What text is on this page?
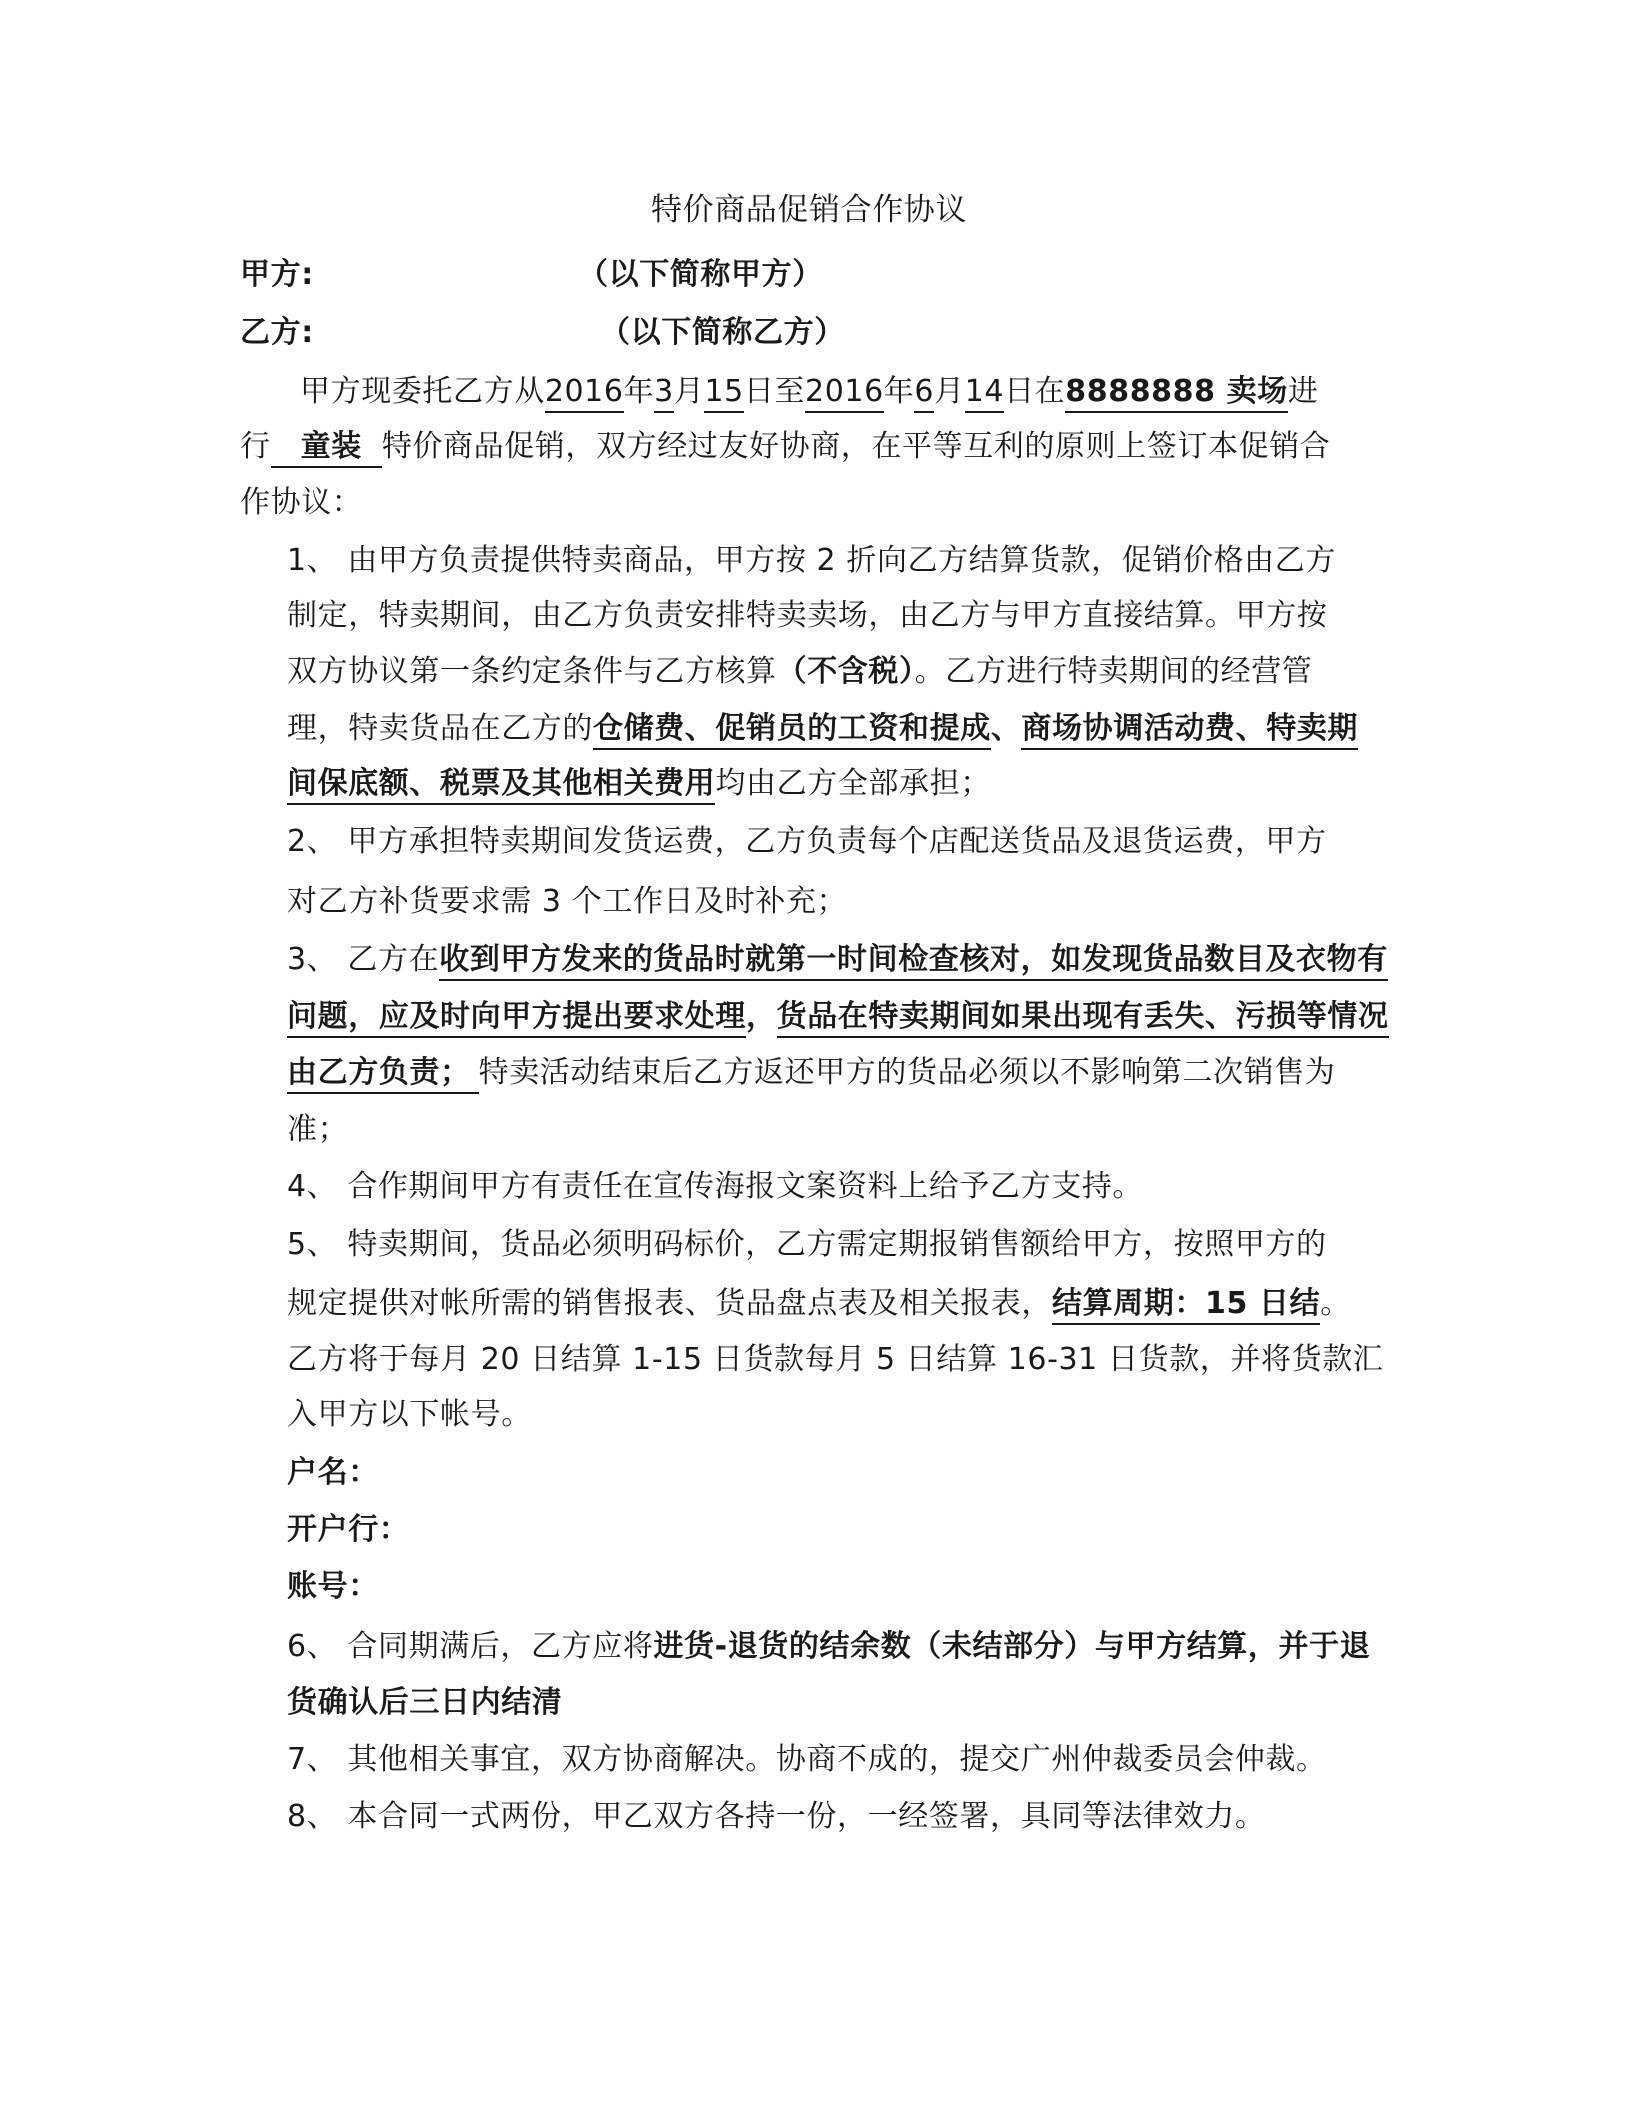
特价商品促销合作协议
甲方:	（以下简称甲方）
乙方:	（以下简称乙方）
甲方现委托乙方从2016年3月15日至2016年6月14日在8888888 卖场进
行 童装 特价商品促销，双方经过友好协商，在平等互利的原则上签订本促销合
作协议：
1、 由甲方负责提供特卖商品，甲方按 2 折向乙方结算货款，促销价格由乙方
制定，特卖期间，由乙方负责安排特卖卖场，由乙方与甲方直接结算。甲方按
双方协议第一条约定条件与乙方核算（不含税）。乙方进行特卖期间的经营管
理，特卖货品在乙方的仓储费、促销员的工资和提成、商场协调活动费、特卖期
间保底额、税票及其他相关费用均由乙方全部承担；
2、 甲方承担特卖期间发货运费，乙方负责每个店配送货品及退货运费，甲方
对乙方补货要求需 3 个工作日及时补充；
3、 乙方在收到甲方发来的货品时就第一时间检查核对，如发现货品数目及衣物有
问题，应及时向甲方提出要求处理，货品在特卖期间如果出现有丢失、污损等情况
由乙方负责； 特卖活动结束后乙方返还甲方的货品必须以不影响第二次销售为
准；
4、 合作期间甲方有责任在宣传海报文案资料上给予乙方支持。
5、 特卖期间，货品必须明码标价，乙方需定期报销售额给甲方，按照甲方的
规定提供对帐所需的销售报表、货品盘点表及相关报表，结算周期：15 日结。
乙方将于每月 20 日结算 1-15 日货款每月 5 日结算 16-31 日货款，并将货款汇
入甲方以下帐号。
户名：
开户行：
账号：
6、 合同期满后，乙方应将进货-退货的结余数（未结部分）与甲方结算，并于退
货确认后三日内结清
7、 其他相关事宜，双方协商解决。协商不成的，提交广州仲裁委员会仲裁。
8、 本合同一式两份，甲乙双方各持一份，一经签署，具同等法律效力。
